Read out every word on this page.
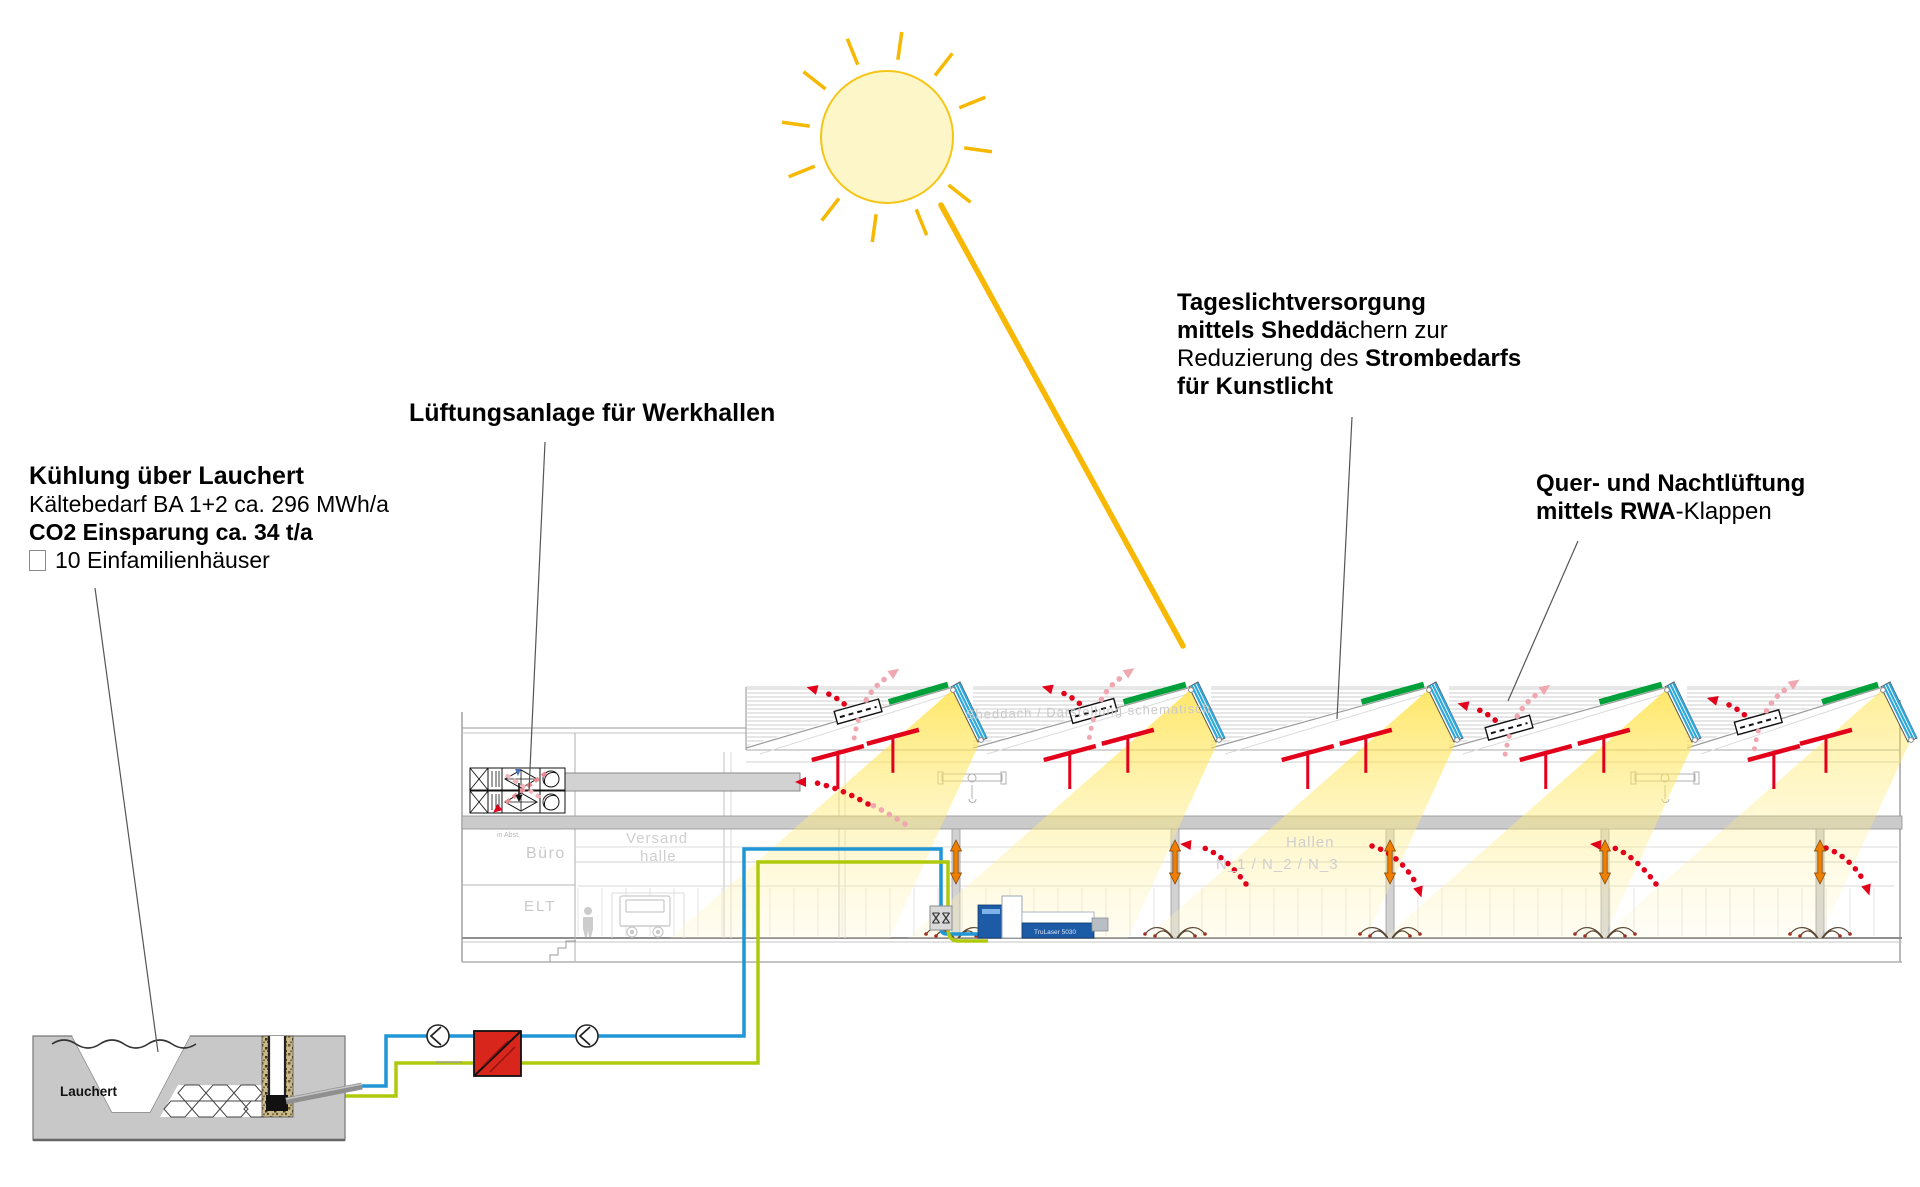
Sheddach / Darstellung schematisch
Versand
halle
Büro
ELT
Hallen
N_1 / N_2 / N_3
in Abst.
Lauchert
TruLaser 5030
Kühlung über Lauchert
Kältebedarf BA 1+2 ca. 296 MWh/a
CO2 Einsparung ca. 34 t/a
10 Einfamilienhäuser
Lüftungsanlage für Werkhallen
Tageslichtversorgung
mittels Sheddächern zur
Reduzierung des Strombedarfs
für Kunstlicht
Quer- und Nachtlüftung
mittels RWA-Klappen
